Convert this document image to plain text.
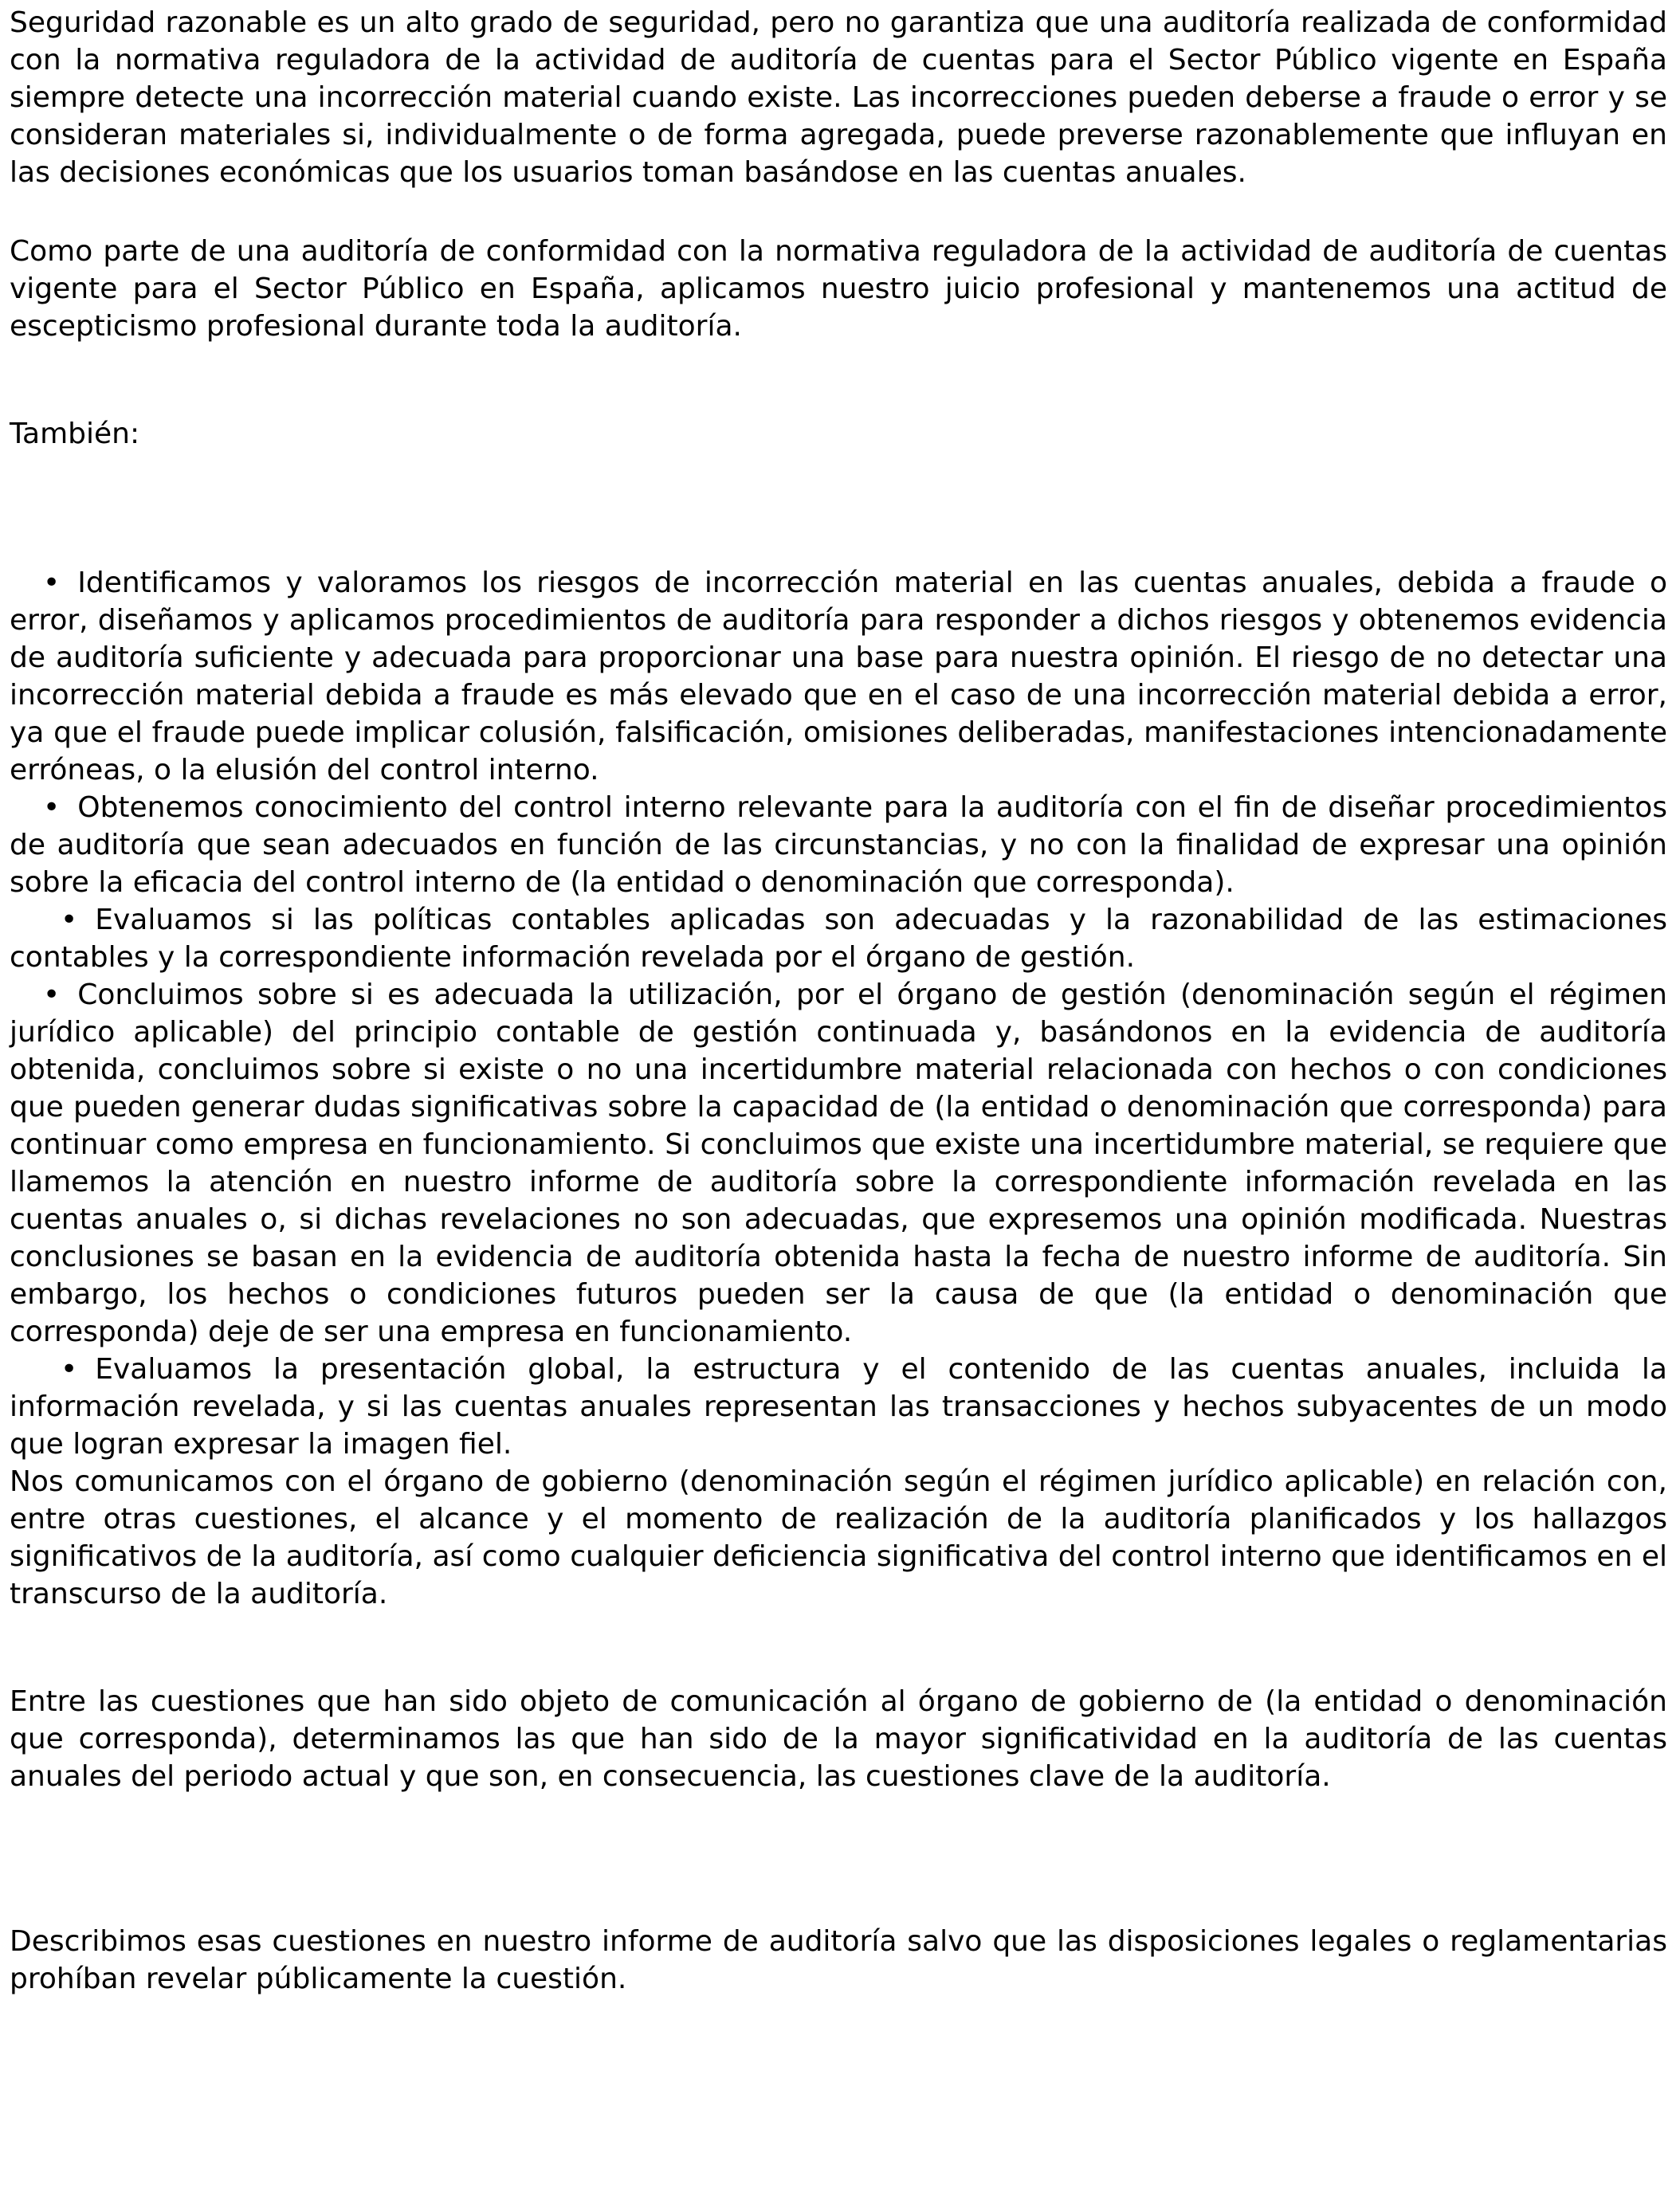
Seguridad razonable es un alto grado de seguridad, pero no garantiza que una auditoría realizada de conformidad con la normativa reguladora de la actividad de auditoría de cuentas para el Sector Público vigente en España siempre detecte una incorrección material cuando existe. Las incorrecciones pueden deberse a fraude o error y se consideran materiales si, individualmente o de forma agregada, puede preverse razonablemente que influyan en las decisiones económicas que los usuarios toman basándose en las cuentas anuales.

Como parte de una auditoría de conformidad con la normativa reguladora de la actividad de auditoría de cuentas vigente para el Sector Público en España, aplicamos nuestro juicio profesional y mantenemos una actitud de escepticismo profesional durante toda la auditoría.

También:

• Identificamos y valoramos los riesgos de incorrección material en las cuentas anuales, debida a fraude o error, diseñamos y aplicamos procedimientos de auditoría para responder a dichos riesgos y obtenemos evidencia de auditoría suficiente y adecuada para proporcionar una base para nuestra opinión. El riesgo de no detectar una incorrección material debida a fraude es más elevado que en el caso de una incorrección material debida a error, ya que el fraude puede implicar colusión, falsificación, omisiones deliberadas, manifestaciones intencionadamente erróneas, o la elusión del control interno.

• Obtenemos conocimiento del control interno relevante para la auditoría con el fin de diseñar procedimientos de auditoría que sean adecuados en función de las circunstancias, y no con la finalidad de expresar una opinión sobre la eficacia del control interno de (la entidad o denominación que corresponda).

• Evaluamos si las políticas contables aplicadas son adecuadas y la razonabilidad de las estimaciones contables y la correspondiente información revelada por el órgano de gestión.

• Concluimos sobre si es adecuada la utilización, por el órgano de gestión (denominación según el régimen jurídico aplicable) del principio contable de gestión continuada y, basándonos en la evidencia de auditoría obtenida, concluimos sobre si existe o no una incertidumbre material relacionada con hechos o con condiciones que pueden generar dudas significativas sobre la capacidad de (la entidad o denominación que corresponda) para continuar como empresa en funcionamiento. Si concluimos que existe una incertidumbre material, se requiere que llamemos la atención en nuestro informe de auditoría sobre la correspondiente información revelada en las cuentas anuales o, si dichas revelaciones no son adecuadas, que expresemos una opinión modificada. Nuestras conclusiones se basan en la evidencia de auditoría obtenida hasta la fecha de nuestro informe de auditoría. Sin embargo, los hechos o condiciones futuros pueden ser la causa de que (la entidad o denominación que corresponda) deje de ser una empresa en funcionamiento.

• Evaluamos la presentación global, la estructura y el contenido de las cuentas anuales, incluida la información revelada, y si las cuentas anuales representan las transacciones y hechos subyacentes de un modo que logran expresar la imagen fiel.

Nos comunicamos con el órgano de gobierno (denominación según el régimen jurídico aplicable) en relación con, entre otras cuestiones, el alcance y el momento de realización de la auditoría planificados y los hallazgos significativos de la auditoría, así como cualquier deficiencia significativa del control interno que identificamos en el transcurso de la auditoría.

Entre las cuestiones que han sido objeto de comunicación al órgano de gobierno de (la entidad o denominación que corresponda), determinamos las que han sido de la mayor significatividad en la auditoría de las cuentas anuales del periodo actual y que son, en consecuencia, las cuestiones clave de la auditoría.

Describimos esas cuestiones en nuestro informe de auditoría salvo que las disposiciones legales o reglamentarias prohíban revelar públicamente la cuestión.
